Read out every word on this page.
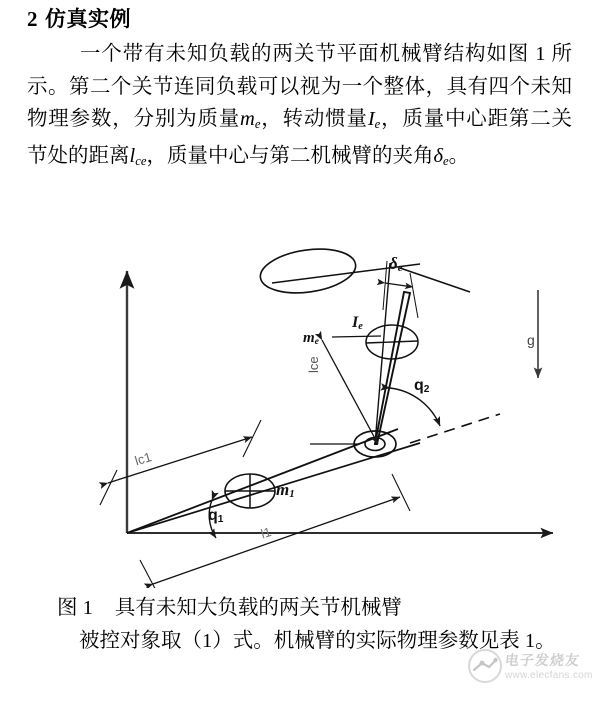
2 仿真实例
一个带有未知负载的两关节平面机械臂结构如图 1 所示。第二个关节连同负载可以视为一个整体，具有四个未知物理参数，分别为质量$m_e$，转动惯量$I_e$，质量中心距第二关节处的距离$l_{ce}$，质量中心与第二机械臂的夹角$\delta_e$。
me
Ie
δe
q2
q1
m1
g
lce
lc1
l1
图 1 具有未知大负载的两关节机械臂
被控对象取（1）式。机械臂的实际物理参数见表 1。
电子发烧友
www.elecfans.com
